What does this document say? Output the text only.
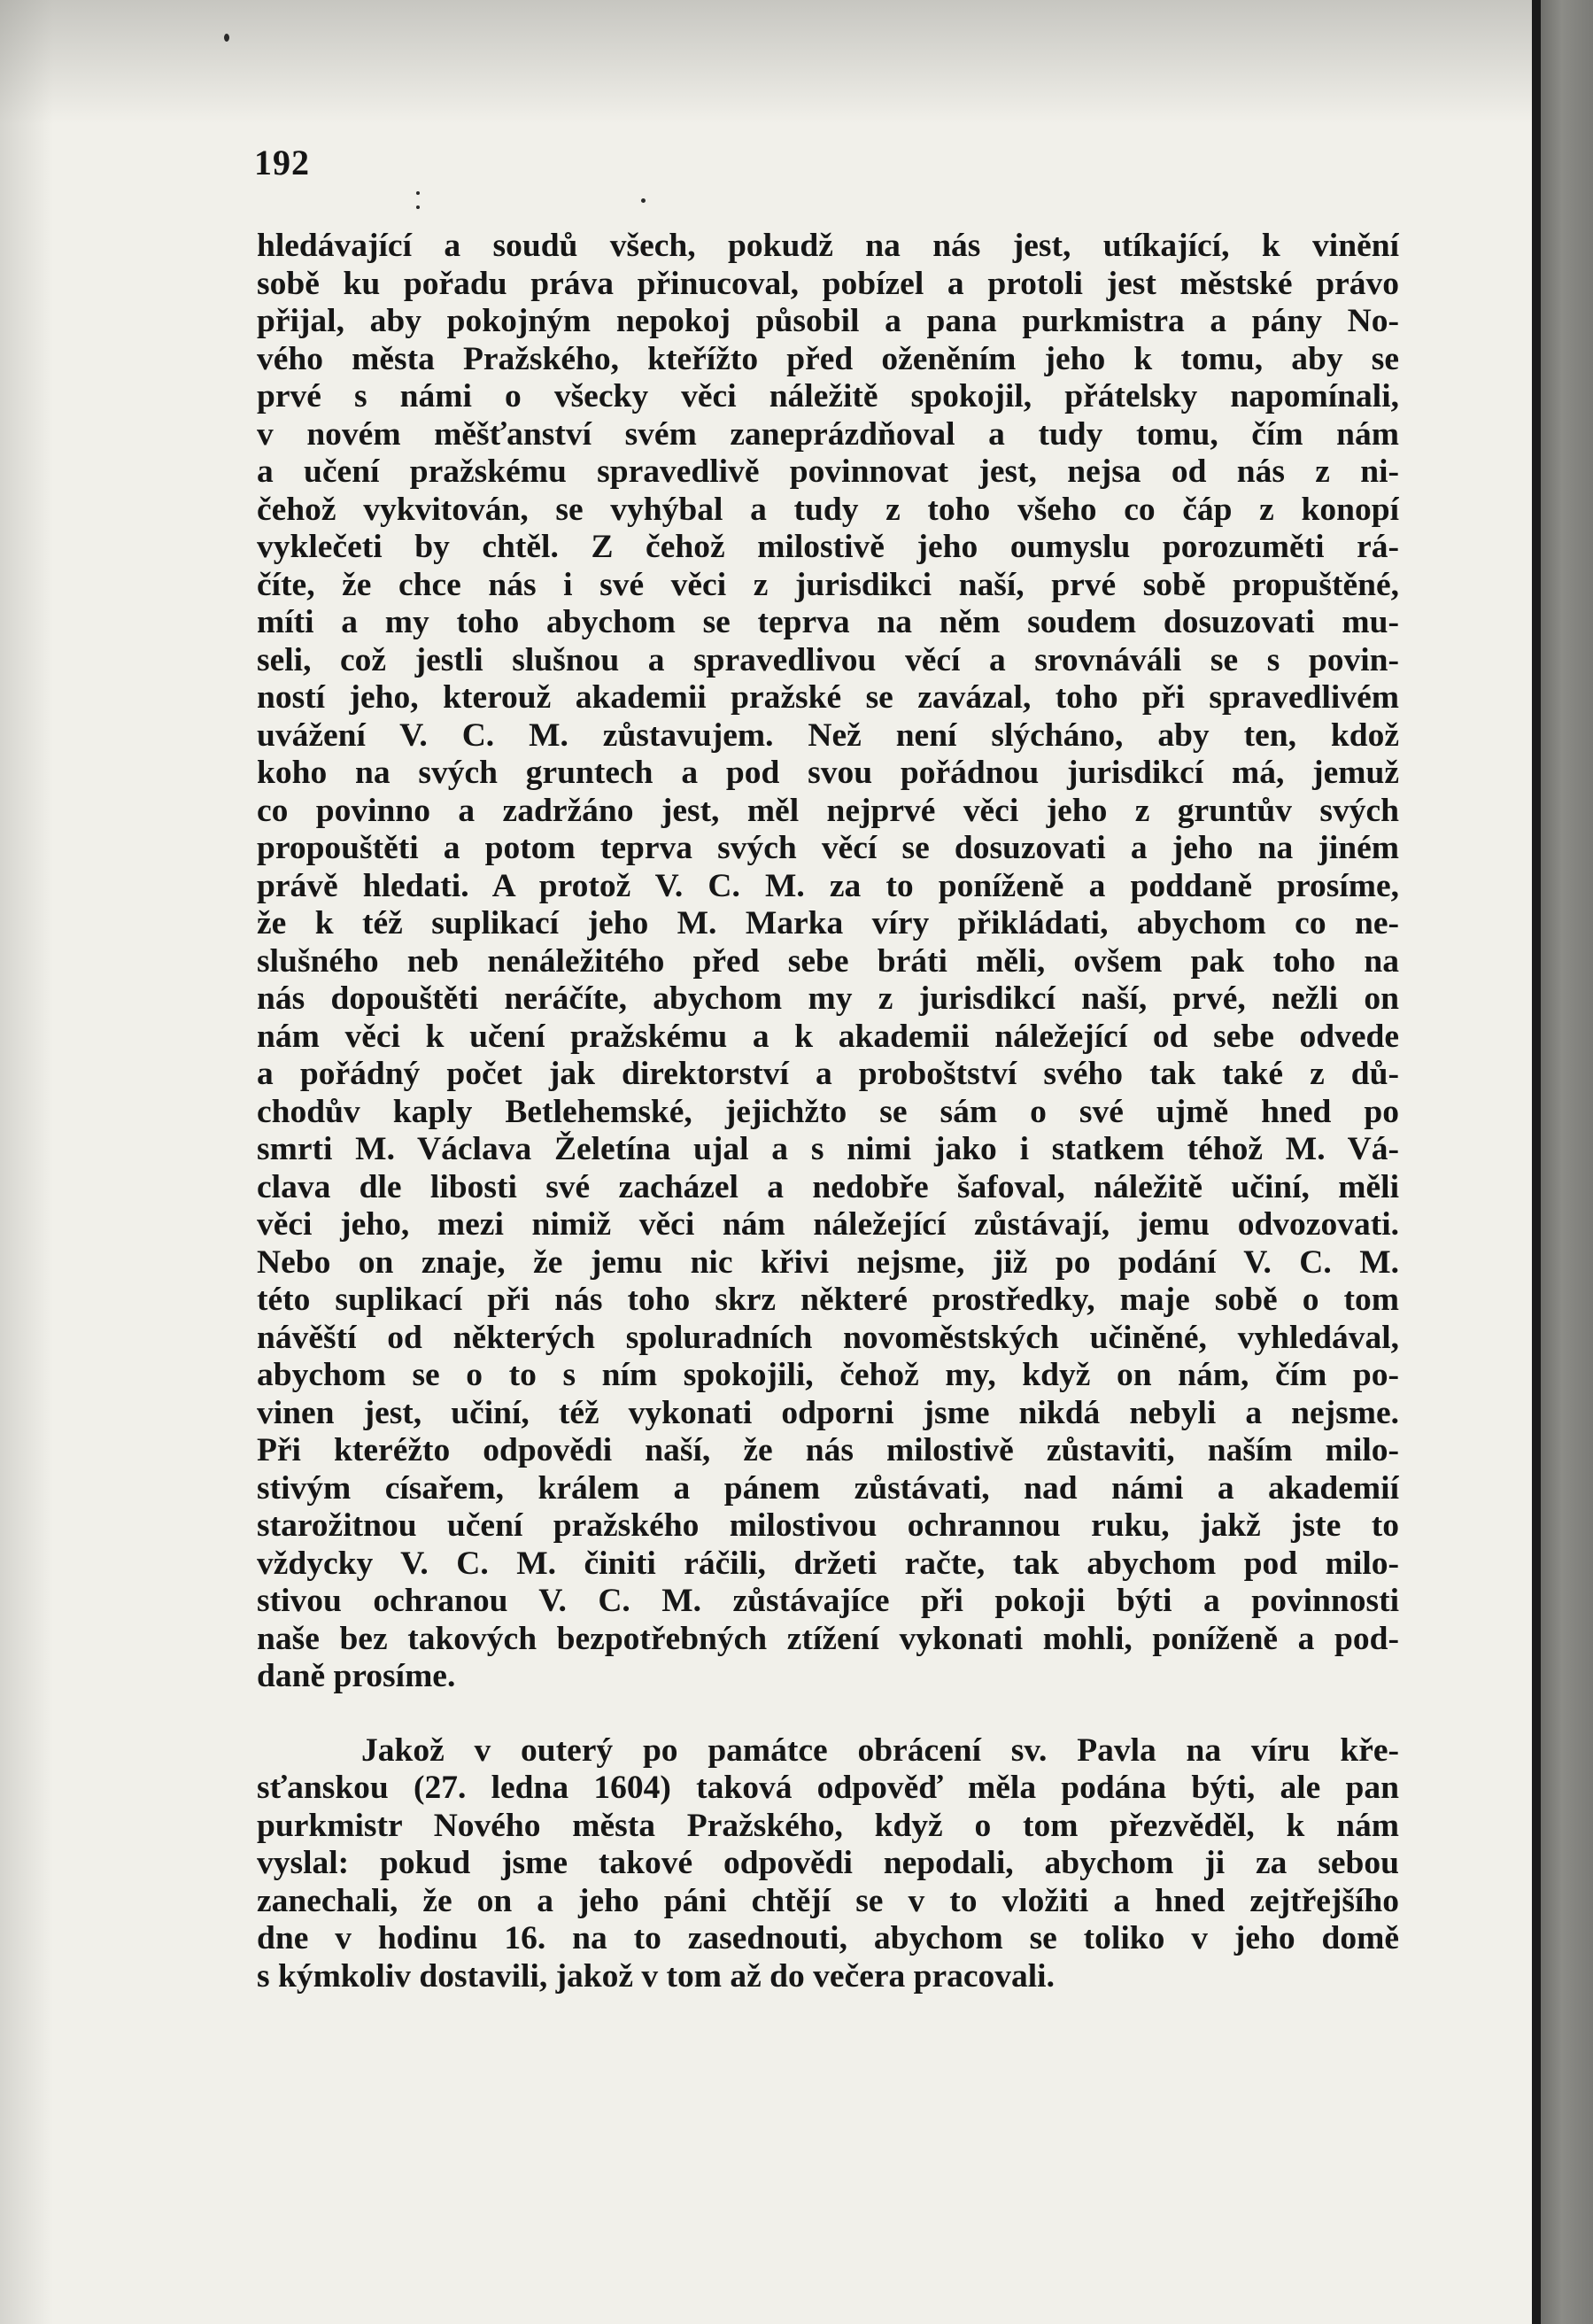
192
hledávající a soudů všech, pokudž na nás jest, utíkající, k vinění
sobě ku pořadu práva přinucoval, pobízel a protoli jest městské právo
přijal, aby pokojným nepokoj působil a pana purkmistra a pány No-
vého města Pražského, kteřížto před oženěním jeho k tomu, aby se
prvé s námi o všecky věci náležitě spokojil, přátelsky napomínali,
v novém měšťanství svém zaneprázdňoval a tudy tomu, čím nám
a učení pražskému spravedlivě povinnovat jest, nejsa od nás z ni-
čehož vykvitován, se vyhýbal a tudy z toho všeho co čáp z konopí
vyklečeti by chtěl. Z čehož milostivě jeho oumyslu porozuměti rá-
číte, že chce nás i své věci z jurisdikci naší, prvé sobě propuštěné,
míti a my toho abychom se teprva na něm soudem dosuzovati mu-
seli, což jestli slušnou a spravedlivou věcí a srovnáváli se s povin-
ností jeho, kterouž akademii pražské se zavázal, toho při spravedlivém
uvážení V. C. M. zůstavujem. Než není slýcháno, aby ten, kdož
koho na svých gruntech a pod svou pořádnou jurisdikcí má, jemuž
co povinno a zadržáno jest, měl nejprvé věci jeho z gruntův svých
propouštěti a potom teprva svých věcí se dosuzovati a jeho na jiném
právě hledati. A protož V. C. M. za to poníženě a poddaně prosíme,
že k též suplikací jeho M. Marka víry přikládati, abychom co ne-
slušného neb nenáležitého před sebe bráti měli, ovšem pak toho na
nás dopouštěti neráčíte, abychom my z jurisdikcí naší, prvé, nežli on
nám věci k učení pražskému a k akademii náležející od sebe odvede
a pořádný počet jak direktorství a proboštství svého tak také z dů-
chodův kaply Betlehemské, jejichžto se sám o své ujmě hned po
smrti M. Václava Želetína ujal a s nimi jako i statkem téhož M. Vá-
clava dle libosti své zacházel a nedobře šafoval, náležitě učiní, měli
věci jeho, mezi nimiž věci nám náležející zůstávají, jemu odvozovati.
Nebo on znaje, že jemu nic křivi nejsme, již po podání V. C. M.
této suplikací při nás toho skrz některé prostředky, maje sobě o tom
návěští od některých spoluradních novoměstských učiněné, vyhledával,
abychom se o to s ním spokojili, čehož my, když on nám, čím po-
vinen jest, učiní, též vykonati odporni jsme nikdá nebyli a nejsme.
Při kteréžto odpovědi naší, že nás milostivě zůstaviti, naším milo-
stivým císařem, králem a pánem zůstávati, nad námi a akademií
starožitnou učení pražského milostivou ochrannou ruku, jakž jste to
vždycky V. C. M. činiti ráčili, držeti račte, tak abychom pod milo-
stivou ochranou V. C. M. zůstávajíce při pokoji býti a povinnosti
naše bez takových bezpotřebných ztížení vykonati mohli, poníženě a pod-
daně prosíme.
Jakož v outerý po památce obrácení sv. Pavla na víru kře-
sťanskou (27. ledna 1604) taková odpověď měla podána býti, ale pan
purkmistr Nového města Pražského, když o tom přezvěděl, k nám
vyslal: pokud jsme takové odpovědi nepodali, abychom ji za sebou
zanechali, že on a jeho páni chtějí se v to vložiti a hned zejtřejšího
dne v hodinu 16. na to zasednouti, abychom se toliko v jeho domě
s kýmkoliv dostavili, jakož v tom až do večera pracovali.
